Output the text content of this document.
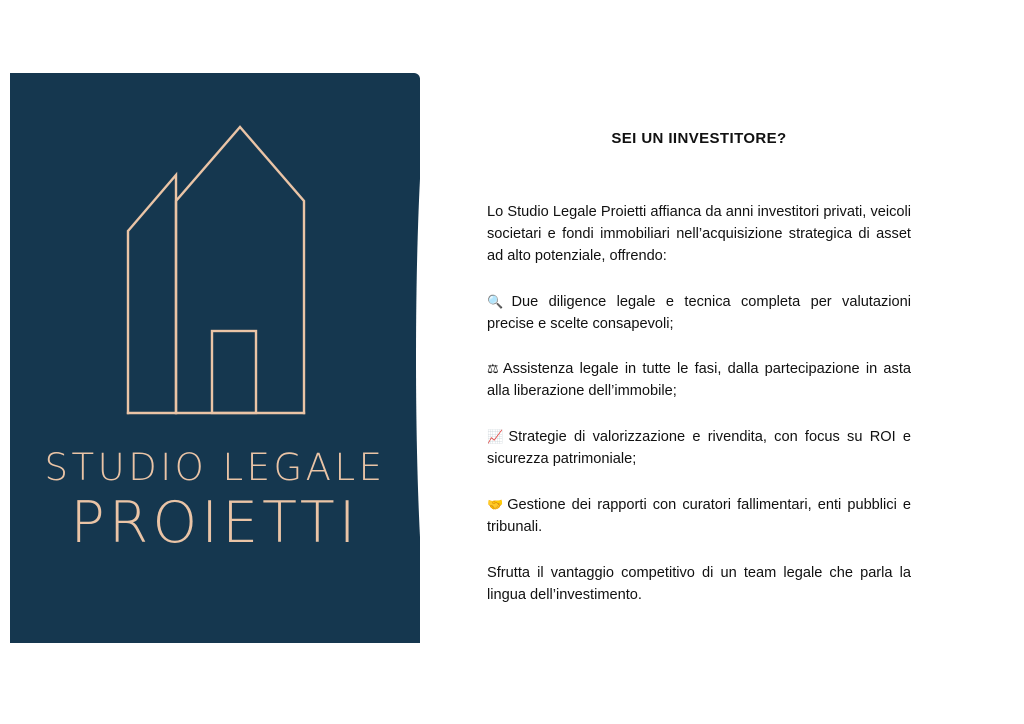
STUDIO LEGALE
PROIETTI
SEI UN IINVESTITORE?

Lo Studio Legale Proietti affianca da anni investitori privati, veicoli societari e fondi immobiliari nell’acquisizione strategica di asset ad alto potenziale, offrendo:

🔍 Due diligence legale e tecnica completa per valutazioni precise e scelte consapevoli;

⚖ Assistenza legale in tutte le fasi, dalla partecipazione in asta alla liberazione dell’immobile;

📈 Strategie di valorizzazione e rivendita, con focus su ROI e sicurezza patrimoniale;

🤝 Gestione dei rapporti con curatori fallimentari, enti pubblici e tribunali.

Sfrutta il vantaggio competitivo di un team legale che parla la lingua dell’investimento.
